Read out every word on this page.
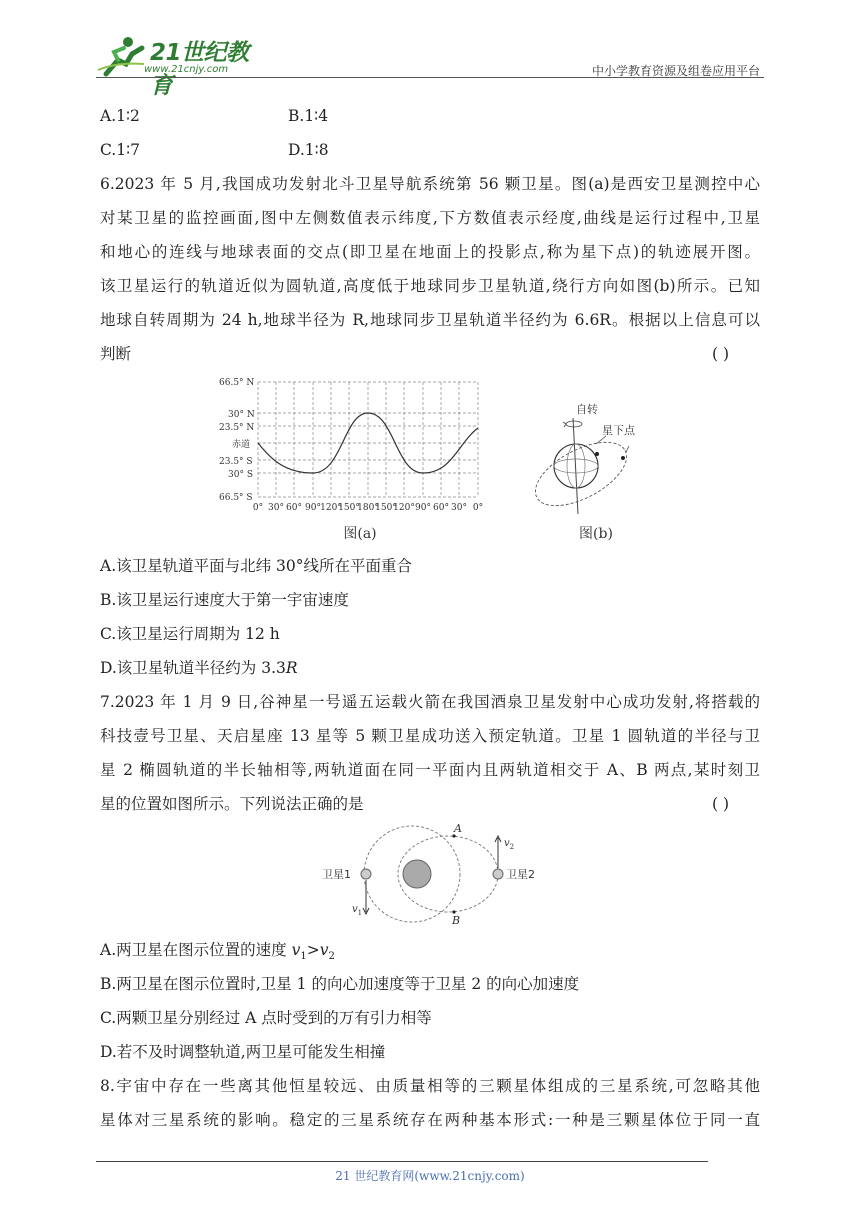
21世纪教育
www.21cnjy.com	中小学教育资源及组卷应用平台
A.1∶2	B.1∶4
C.1∶7	D.1∶8
6.2023 年 5 月,我国成功发射北斗卫星导航系统第 56 颗卫星。图(a)是西安卫星测控中心
对某卫星的监控画面,图中左侧数值表示纬度,下方数值表示经度,曲线是运行过程中,卫星
和地心的连线与地球表面的交点(即卫星在地面上的投影点,称为星下点)的轨迹展开图。
该卫星运行的轨道近似为圆轨道,高度低于地球同步卫星轨道,绕行方向如图(b)所示。已知
地球自转周期为 24 h,地球半径为 R,地球同步卫星轨道半径约为 6.6R。根据以上信息可以
判断	( )
66.5° N
30° N
23.5° N
赤道
23.5° S
30° S
66.5° S
0° 30° 60° 90° 120°
150°
180°
150°
120° 90° 60° 30° 0°
图(a)
自转
星下点
图(b)
A.该卫星轨道平面与北纬 30°线所在平面重合
B.该卫星运行速度大于第一宇宙速度
C.该卫星运行周期为 12 h
D.该卫星轨道半径约为 3.3R
7.2023 年 1 月 9 日,谷神星一号遥五运载火箭在我国酒泉卫星发射中心成功发射,将搭载的
科技壹号卫星、天启星座 13 星等 5 颗卫星成功送入预定轨道。卫星 1 圆轨道的半径与卫
星 2 椭圆轨道的半长轴相等,两轨道面在同一平面内且两轨道相交于 A、B 两点,某时刻卫
星的位置如图所示。下列说法正确的是	( )
卫星1	卫星2
A
B
$v_1$
$v_2$
A.两卫星在图示位置的速度 $v_1>v_2$
B.两卫星在图示位置时,卫星 1 的向心加速度等于卫星 2 的向心加速度
C.两颗卫星分别经过 A 点时受到的万有引力相等
D.若不及时调整轨道,两卫星可能发生相撞
8.宇宙中存在一些离其他恒星较远、由质量相等的三颗星体组成的三星系统,可忽略其他
星体对三星系统的影响。稳定的三星系统存在两种基本形式:一种是三颗星体位于同一直
21 世纪教育网(www.21cnjy.com)
